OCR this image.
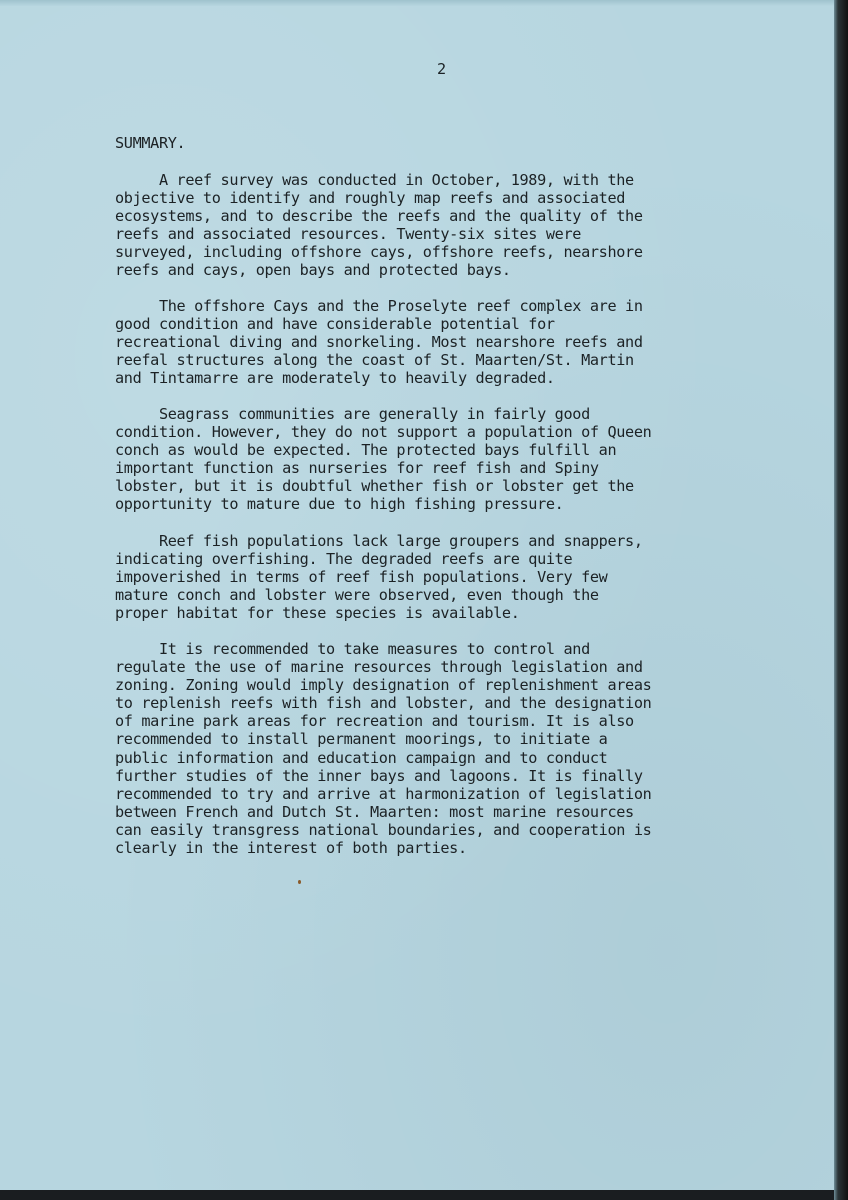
2

SUMMARY.
A reef survey was conducted in October, 1989, with the
objective to identify and roughly map reefs and associated
ecosystems, and to describe the reefs and the quality of the
reefs and associated resources. Twenty-six sites were
surveyed, including offshore cays, offshore reefs, nearshore
reefs and cays, open bays and protected bays.
The offshore Cays and the Proselyte reef complex are in
good condition and have considerable potential for
recreational diving and snorkeling. Most nearshore reefs and
reefal structures along the coast of St. Maarten/St. Martin
and Tintamarre are moderately to heavily degraded.
Seagrass communities are generally in fairly good
condition. However, they do not support a population of Queen
conch as would be expected. The protected bays fulfill an
important function as nurseries for reef fish and Spiny
lobster, but it is doubtful whether fish or lobster get the
opportunity to mature due to high fishing pressure.
Reef fish populations lack large groupers and snappers,
indicating overfishing. The degraded reefs are quite
impoverished in terms of reef fish populations. Very few
mature conch and lobster were observed, even though the
proper habitat for these species is available.
It is recommended to take measures to control and
regulate the use of marine resources through legislation and
zoning. Zoning would imply designation of replenishment areas
to replenish reefs with fish and lobster, and the designation
of marine park areas for recreation and tourism. It is also
recommended to install permanent moorings, to initiate a
public information and education campaign and to conduct
further studies of the inner bays and lagoons. It is finally
recommended to try and arrive at harmonization of legislation
between French and Dutch St. Maarten: most marine resources
can easily transgress national boundaries, and cooperation is
clearly in the interest of both parties.
